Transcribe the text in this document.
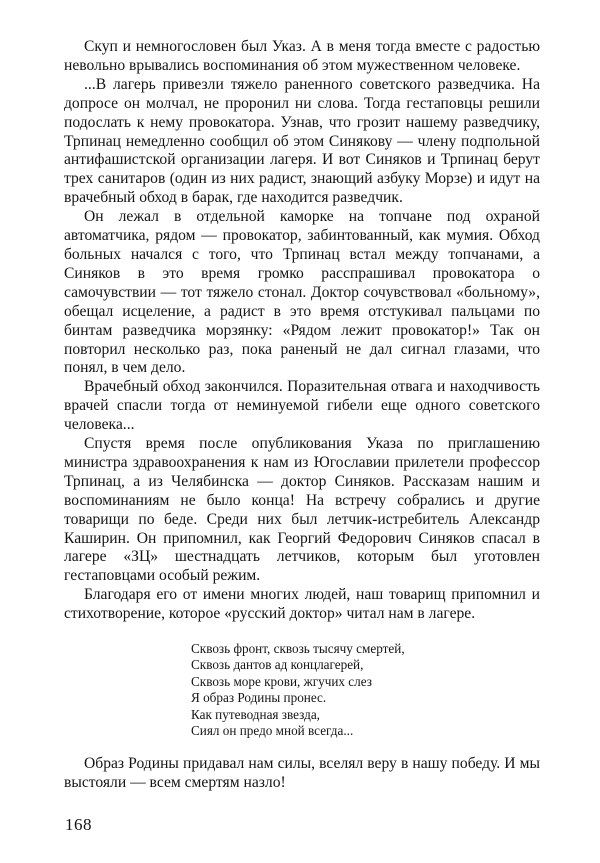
Скуп и немногословен был Указ. А в меня тогда вместе с радостью невольно врывались воспоминания об этом мужественном человеке.

...В лагерь привезли тяжело раненного советского разведчика. На допросе он молчал, не проронил ни слова. Тогда гестаповцы решили подослать к нему провокатора. Узнав, что грозит нашему разведчику, Трпинац немедленно сообщил об этом Синякову — члену подпольной антифашистской организации лагеря. И вот Синяков и Трпинац берут трех санитаров (один из них радист, знающий азбуку Морзе) и идут на врачебный обход в барак, где находится разведчик.

Он лежал в отдельной каморке на топчане под охраной автоматчика, рядом — провокатор, забинтованный, как мумия. Обход больных начался с того, что Трпинац встал между топчанами, а Синяков в это время громко расспрашивал провокатора о самочувствии — тот тяжело стонал. Доктор сочувствовал «больному», обещал исцеление, а радист в это время отстукивал пальцами по бинтам разведчика морзянку: «Рядом лежит провокатор!» Так он повторил несколько раз, пока раненый не дал сигнал глазами, что понял, в чем дело.

Врачебный обход закончился. Поразительная отвага и находчивость врачей спасли тогда от неминуемой гибели еще одного советского человека...

Спустя время после опубликования Указа по приглашению министра здравоохранения к нам из Югославии прилетели профессор Трпинац, а из Челябинска — доктор Синяков. Рассказам нашим и воспоминаниям не было конца! На встречу собрались и другие товарищи по беде. Среди них был летчик-истребитель Александр Каширин. Он припомнил, как Георгий Федорович Синяков спасал в лагере «ЗЦ» шестнадцать летчиков, которым был уготовлен гестаповцами особый режим.

Благодаря его от имени многих людей, наш товарищ припомнил и стихотворение, которое «русский доктор» читал нам в лагере.

Сквозь фронт, сквозь тысячу смертей,
Сквозь дантов ад концлагерей,
Сквозь море крови, жгучих слез
Я образ Родины пронес.
Как путеводная звезда,
Сиял он предо мной всегда...

Образ Родины придавал нам силы, вселял веру в нашу победу. И мы выстояли — всем смертям назло!

168
